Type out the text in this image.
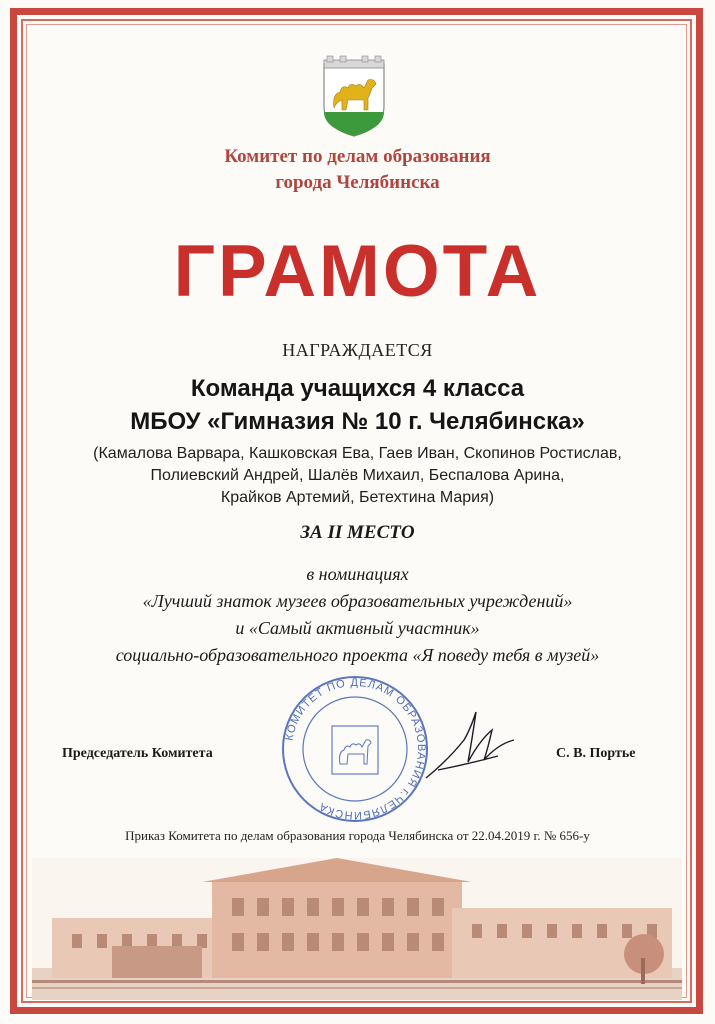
Комитет по делам образования
города Челябинска
ГРАМОТА
НАГРАЖДАЕТСЯ
Команда учащихся 4 класса
МБОУ «Гимназия № 10 г. Челябинска»
(Камалова Варвара, Кашковская Ева, Гаев Иван, Скопинов Ростислав,
Полиевский Андрей, Шалёв Михаил, Беспалова Арина,
Крайков Артемий, Бетехтина Мария)
ЗА II МЕСТО
в номинациях
«Лучший знаток музеев образовательных учреждений»
и «Самый активный участник»
социально-образовательного проекта «Я поведу тебя в музей»
КОМИТЕТ ПО ДЕЛАМ ОБРАЗОВАНИЯ г.ЧЕЛЯБИНСКА
Председатель Комитета	С. В. Портье
Приказ Комитета по делам образования города Челябинска от 22.04.2019 г. № 656-у
